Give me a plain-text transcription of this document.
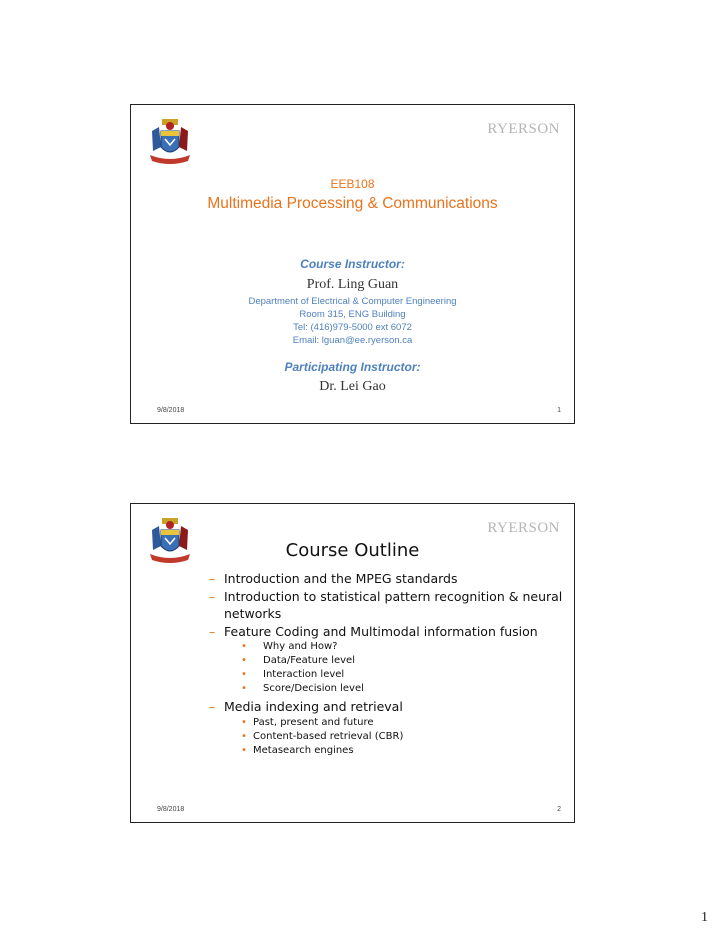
RYERSON
EEB108
Multimedia Processing & Communications
Course Instructor:
Prof. Ling Guan
Department of Electrical & Computer Engineering
Room 315, ENG Building
Tel: (416)979-5000 ext 6072
Email: lguan@ee.ryerson.ca
Participating Instructor:
Dr. Lei Gao
9/8/2018	1
RYERSON
Course Outline
– Introduction and the MPEG standards
– Introduction to statistical pattern recognition & neural networks
– Feature Coding and Multimodal information fusion
• Why and How?
• Data/Feature level
• Interaction level
• Score/Decision level
– Media indexing and retrieval
• Past, present and future
• Content-based retrieval (CBR)
• Metasearch engines
9/8/2018	2
1
